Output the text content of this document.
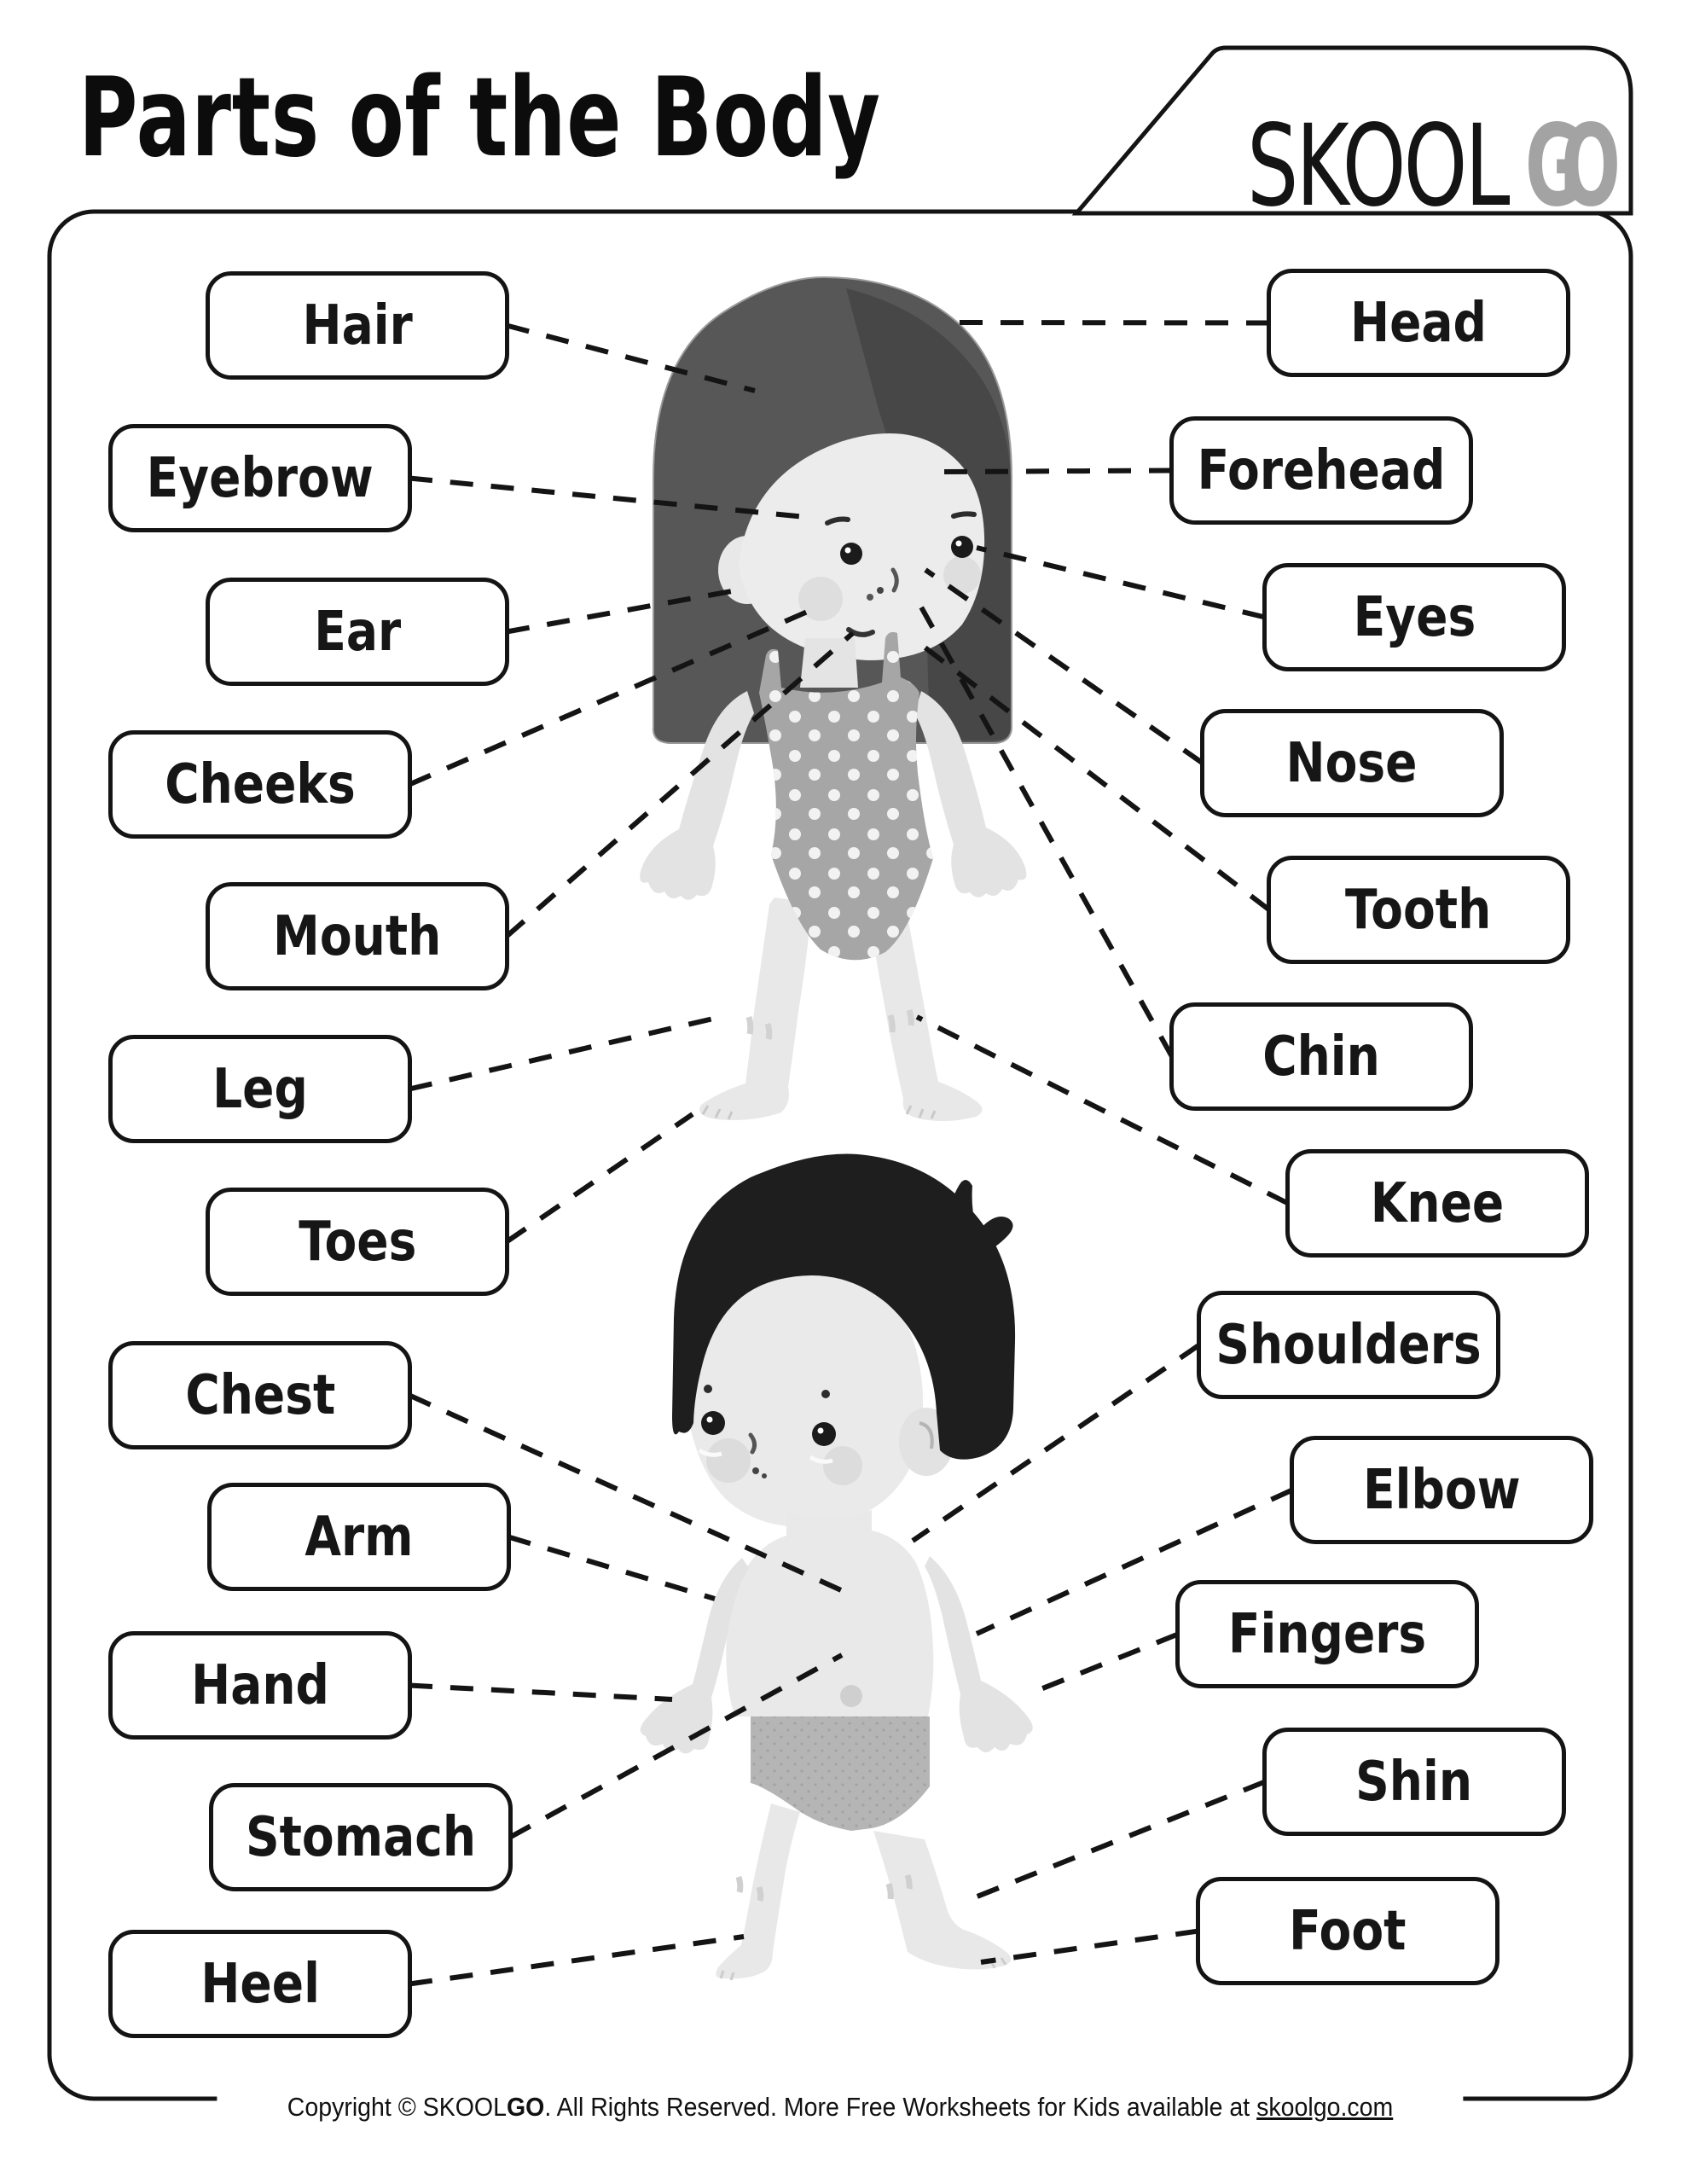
Parts of the Body	SKOOL GO
Hair
Eyebrow
Ear
Cheeks
Mouth
Leg
Toes
Chest
Arm
Hand
Stomach
Heel
Head
Forehead
Eyes
Nose
Tooth
Chin
Knee
Shoulders
Elbow
Fingers
Shin
Foot
Copyright © SKOOLGO. All Rights Reserved. More Free Worksheets for Kids available at skoolgo.com
